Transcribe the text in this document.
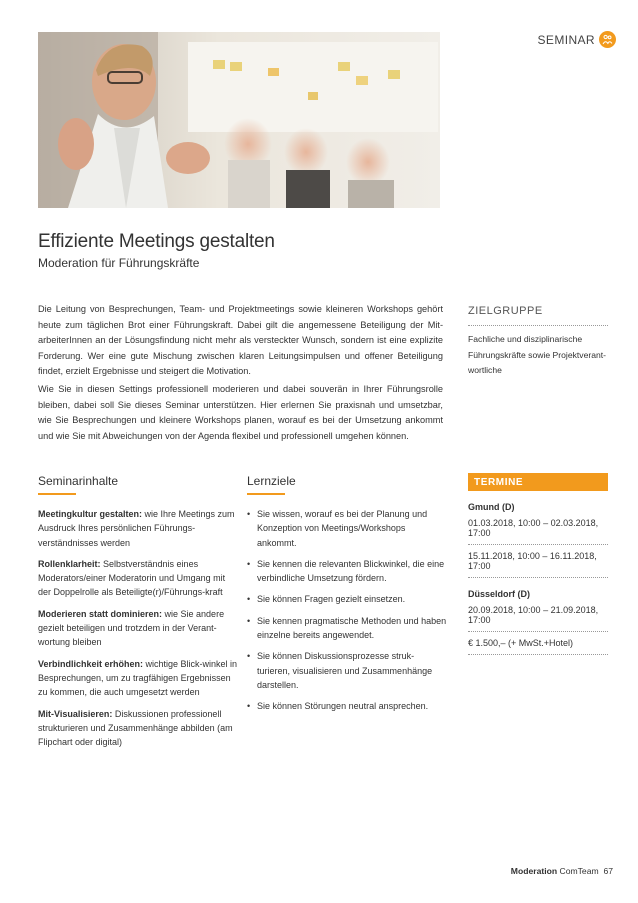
SEMINAR
Effiziente Meetings gestalten
Moderation für Führungskräfte

Die Leitung von Besprechungen, Team- und Projektmeetings sowie kleineren Workshops gehört heute zum täglichen Brot einer Führungskraft. Dabei gilt die angemessene Beteiligung der Mit-arbeiterInnen an der Lösungsfindung nicht mehr als versteckter Wunsch, sondern ist eine explizite Forderung. Wer eine gute Mischung zwischen klaren Leitungsimpulsen und offener Beteiligung findet, erzielt Ergebnisse und steigert die Motivation.

Wie Sie in diesen Settings professionell moderieren und dabei souverän in Ihrer Führungsrolle bleiben, dabei soll Sie dieses Seminar unterstützen. Hier erlernen Sie praxisnah und umsetzbar, wie Sie Besprechungen und kleinere Workshops planen, worauf es bei der Umsetzung ankommt und wie Sie mit Abweichungen von der Agenda flexibel und professionell umgehen können.

ZIELGRUPPE
Fachliche und disziplinarische
Führungskräfte sowie Projektverant-
wortliche
Seminarinhalte	Lernziele
Meetingkultur gestalten: wie Ihre Meetings zum Ausdruck Ihres persönlichen Führungs-verständnisses werden
Rollenklarheit: Selbstverständnis eines Moderators/einer Moderatorin und Umgang mit der Doppelrolle als Beteiligte(r)/Führungs-kraft
Moderieren statt dominieren: wie Sie andere gezielt beteiligen und trotzdem in der Verant-wortung bleiben
Verbindlichkeit erhöhen: wichtige Blick-winkel in Besprechungen, um zu tragfähigen Ergebnissen zu kommen, die auch umgesetzt werden
Mit-Visualisieren: Diskussionen professionell strukturieren und Zusammenhänge abbilden (am Flipchart oder digital)
• Sie wissen, worauf es bei der Planung und Konzeption von Meetings/Workshops ankommt.
• Sie kennen die relevanten Blickwinkel, die eine verbindliche Umsetzung fördern.
• Sie können Fragen gezielt einsetzen.
• Sie kennen pragmatische Methoden und haben einzelne bereits angewendet.
• Sie können Diskussionsprozesse struk-turieren, visualisieren und Zusammenhänge darstellen.
• Sie können Störungen neutral ansprechen.
TERMINE
Gmund (D)
01.03.2018, 10:00 – 02.03.2018, 17:00
15.11.2018, 10:00 – 16.11.2018, 17:00
Düsseldorf (D)
20.09.2018, 10:00 – 21.09.2018, 17:00
€ 1.500,– (+ MwSt.+Hotel)
Moderation ComTeam 67
